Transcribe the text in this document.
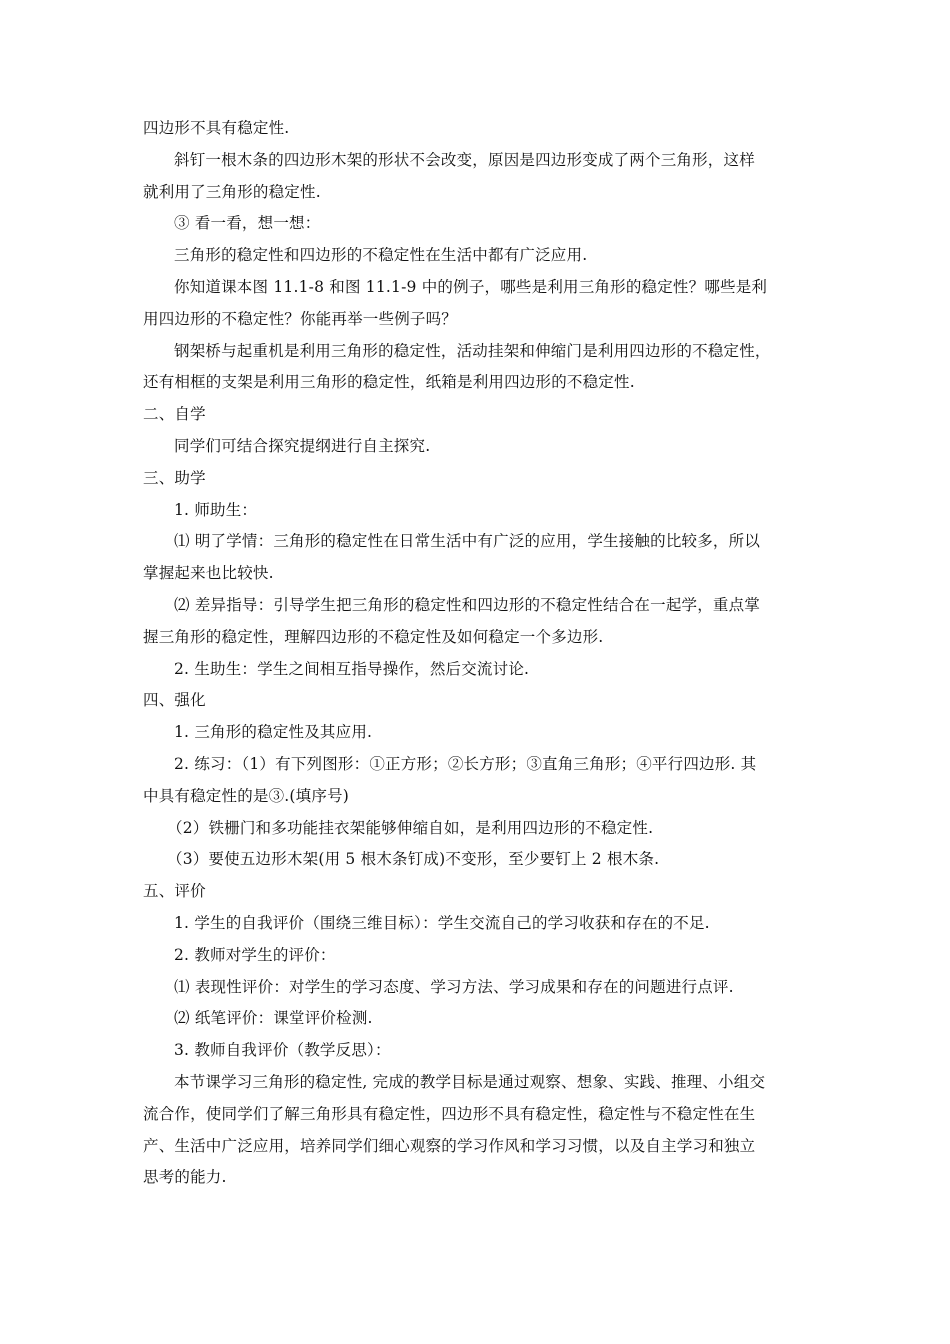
四边形不具有稳定性.
斜钉一根木条的四边形木架的形状不会改变，原因是四边形变成了两个三角形，这样
就利用了三角形的稳定性.
③ 看一看，想一想：
三角形的稳定性和四边形的不稳定性在生活中都有广泛应用.
你知道课本图 11.1-8 和图 11.1-9 中的例子，哪些是利用三角形的稳定性？哪些是利
用四边形的不稳定性？你能再举一些例子吗？
钢架桥与起重机是利用三角形的稳定性，活动挂架和伸缩门是利用四边形的不稳定性，
还有相框的支架是利用三角形的稳定性，纸箱是利用四边形的不稳定性.
二、自学
同学们可结合探究提纲进行自主探究.
三、助学
1. 师助生：
⑴ 明了学情：三角形的稳定性在日常生活中有广泛的应用，学生接触的比较多，所以
掌握起来也比较快.
⑵ 差异指导：引导学生把三角形的稳定性和四边形的不稳定性结合在一起学，重点掌
握三角形的稳定性，理解四边形的不稳定性及如何稳定一个多边形.
2. 生助生：学生之间相互指导操作，然后交流讨论.
四、强化
1. 三角形的稳定性及其应用.
2. 练习：（1）有下列图形：①正方形；②长方形；③直角三角形；④平行四边形. 其
中具有稳定性的是③.(填序号)
（2）铁栅门和多功能挂衣架能够伸缩自如，是利用四边形的不稳定性.
（3）要使五边形木架(用 5 根木条钉成)不变形，至少要钉上 2 根木条.
五、评价
1. 学生的自我评价（围绕三维目标）：学生交流自己的学习收获和存在的不足.
2. 教师对学生的评价：
⑴ 表现性评价：对学生的学习态度、学习方法、学习成果和存在的问题进行点评.
⑵ 纸笔评价：课堂评价检测.
3. 教师自我评价（教学反思）：
本节课学习三角形的稳定性, 完成的教学目标是通过观察、想象、实践、推理、小组交
流合作，使同学们了解三角形具有稳定性，四边形不具有稳定性，稳定性与不稳定性在生
产、生活中广泛应用，培养同学们细心观察的学习作风和学习习惯，以及自主学习和独立
思考的能力.
